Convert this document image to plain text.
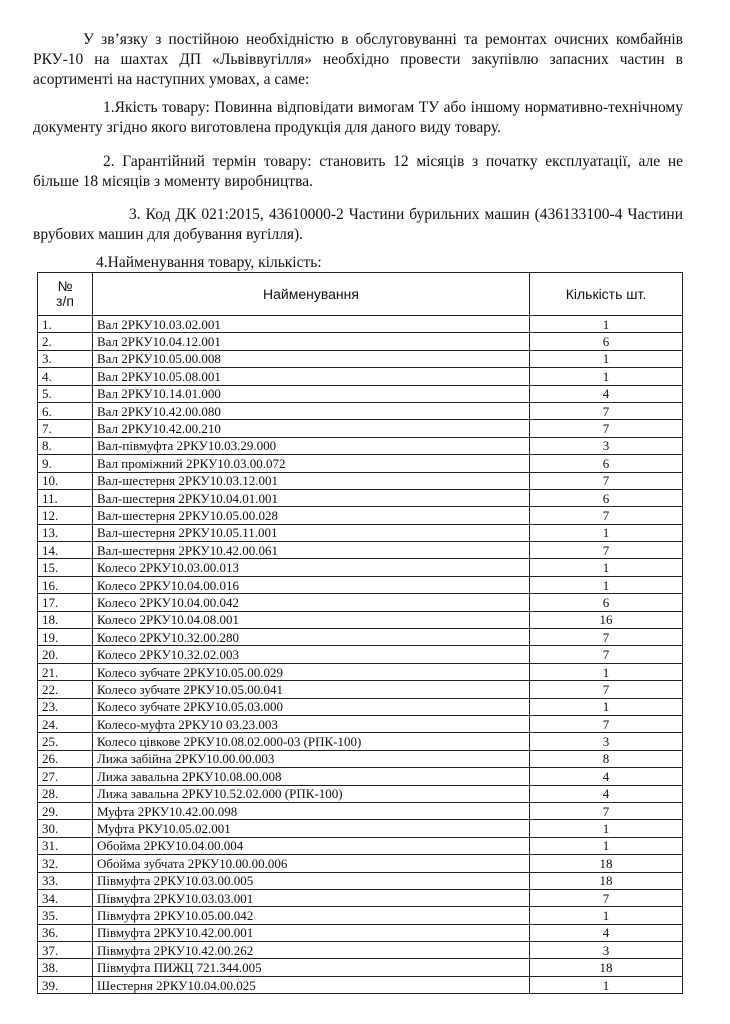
У зв’язку з постійною необхідністю в обслуговуванні та ремонтах очисних комбайнів РКУ-10 на шахтах ДП «Львіввугілля» необхідно провести закупівлю запасних частин в асортименті на наступних умовах, а саме:

1.Якість товару: Повинна відповідати вимогам ТУ або іншому нормативно-технічному документу згідно якого виготовлена продукція для даного виду товару.

2. Гарантійний термін товару: становить 12 місяців з початку експлуатації, але не більше 18 місяців з моменту виробництва.

3. Код ДК 021:2015, 43610000-2 Частини бурильних машин (436133100-4 Частини врубових машин для добування вугілля).

4.Найменування товару, кількість:

№
з/п	Найменування	Кількість шт.
1.	Вал 2РКУ10.03.02.001	1
2.	Вал 2РКУ10.04.12.001	6
3.	Вал 2РКУ10.05.00.008	1
4.	Вал 2РКУ10.05.08.001	1
5.	Вал 2РКУ10.14.01.000	4
6.	Вал 2РКУ10.42.00.080	7
7.	Вал 2РКУ10.42.00.210	7
8.	Вал-півмуфта 2РКУ10.03.29.000	3
9.	Вал проміжний 2РКУ10.03.00.072	6
10.	Вал-шестерня 2РКУ10.03.12.001	7
11.	Вал-шестерня 2РКУ10.04.01.001	6
12.	Вал-шестерня 2РКУ10.05.00.028	7
13.	Вал-шестерня 2РКУ10.05.11.001	1
14.	Вал-шестерня 2РКУ10.42.00.061	7
15.	Колесо 2РКУ10.03.00.013	1
16.	Колесо 2РКУ10.04.00.016	1
17.	Колесо 2РКУ10.04.00.042	6
18.	Колесо 2РКУ10.04.08.001	16
19.	Колесо 2РКУ10.32.00.280	7
20.	Колесо 2РКУ10.32.02.003	7
21.	Колесо зубчате 2РКУ10.05.00.029	1
22.	Колесо зубчате 2РКУ10.05.00.041	7
23.	Колесо зубчате 2РКУ10.05.03.000	1
24.	Колесо-муфта 2РКУ10 03.23.003	7
25.	Колесо цівкове 2РКУ10.08.02.000-03 (РПК-100)	3
26.	Лижа забійна 2РКУ10.00.00.003	8
27.	Лижа завальна 2РКУ10.08.00.008	4
28.	Лижа завальна 2РКУ10.52.02.000 (РПК-100)	4
29.	Муфта 2РКУ10.42.00.098	7
30.	Муфта РКУ10.05.02.001	1
31.	Обойма 2РКУ10.04.00.004	1
32.	Обойма зубчата 2РКУ10.00.00.006	18
33.	Півмуфта 2РКУ10.03.00.005	18
34.	Півмуфта 2РКУ10.03.03.001	7
35.	Півмуфта 2РКУ10.05.00.042	1
36.	Півмуфта 2РКУ10.42.00.001	4
37.	Півмуфта 2РКУ10.42.00.262	3
38.	Півмуфта ПИЖЦ 721.344.005	18
39.	Шестерня 2РКУ10.04.00.025	1
